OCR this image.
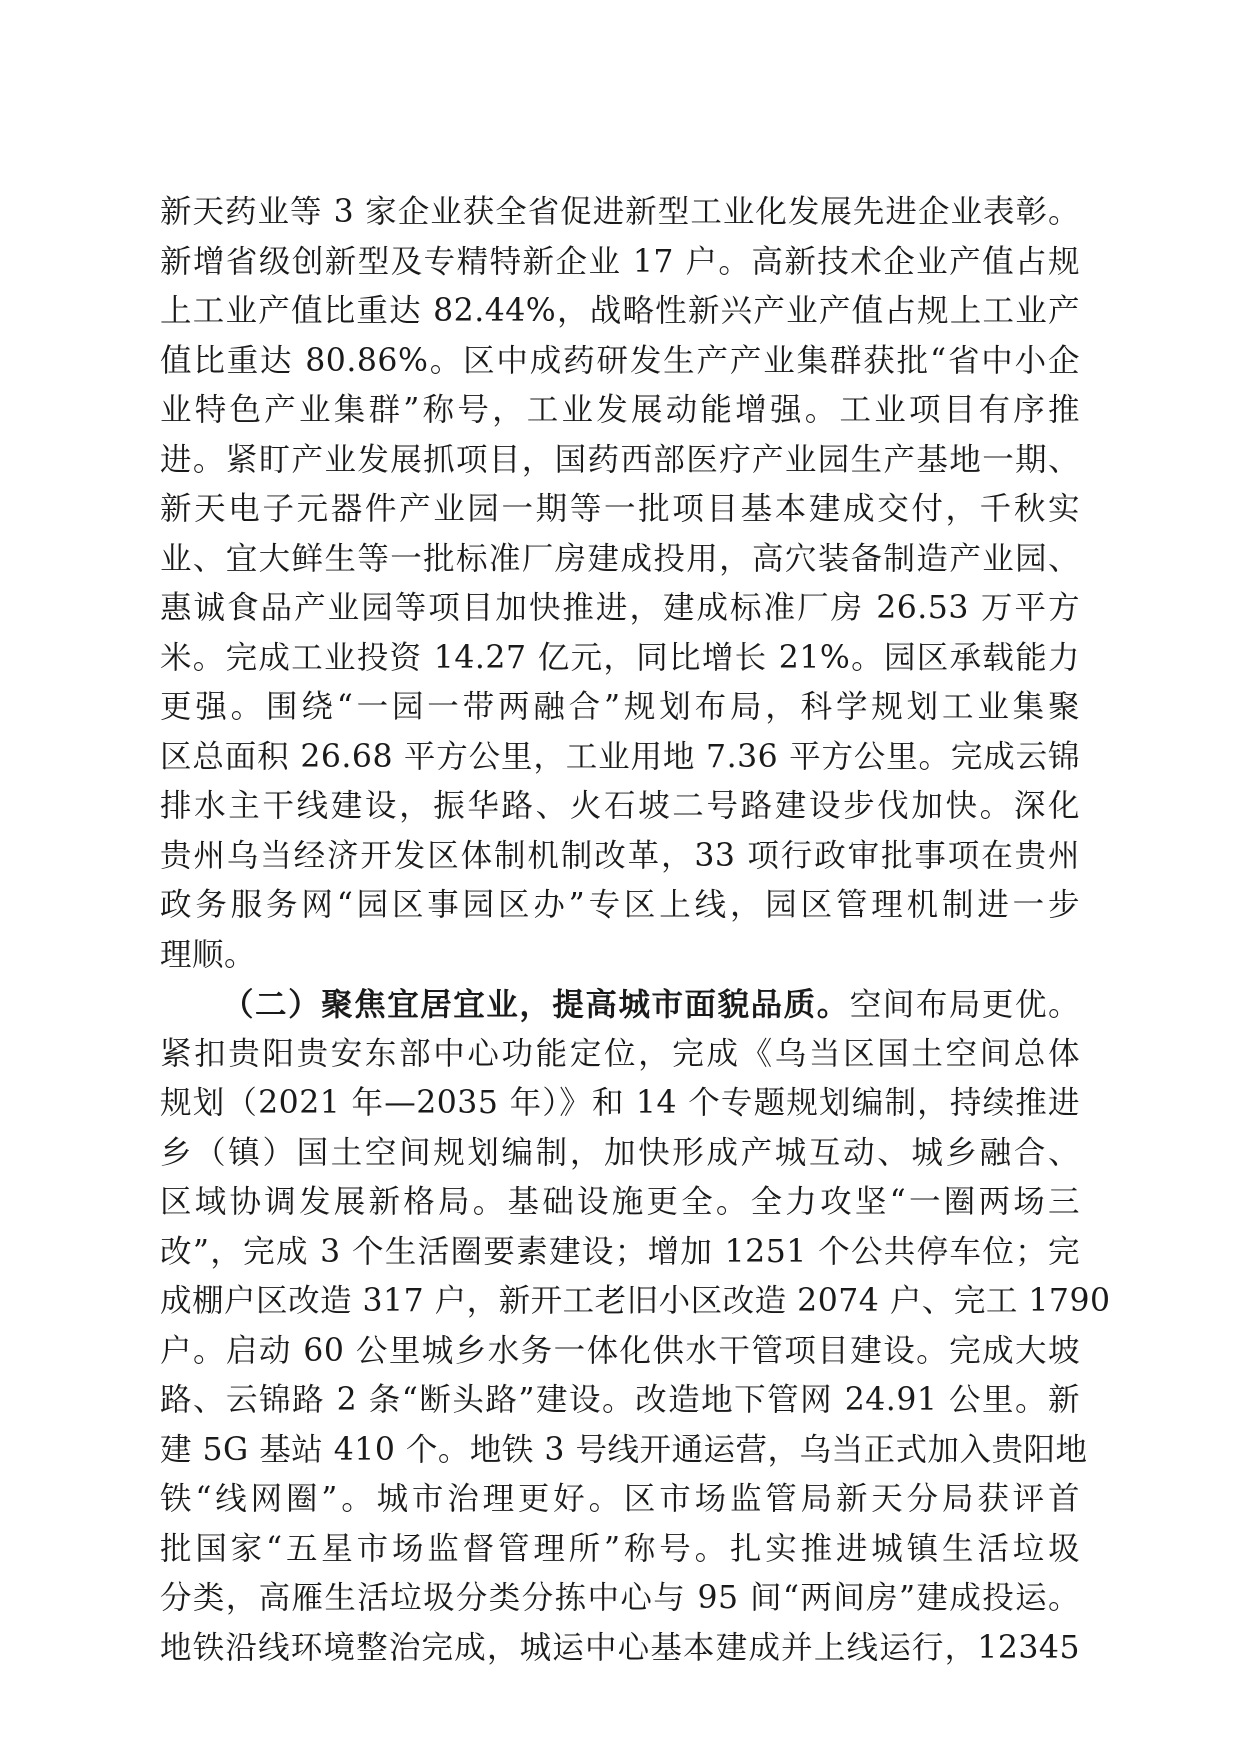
新天药业等 3 家企业获全省促进新型工业化发展先进企业表彰。
新增省级创新型及专精特新企业 17 户。高新技术企业产值占规
上工业产值比重达 82.44%，战略性新兴产业产值占规上工业产
值比重达 80.86%。区中成药研发生产产业集群获批“省中小企
业特色产业集群”称号，工业发展动能增强。工业项目有序推
进。紧盯产业发展抓项目，国药西部医疗产业园生产基地一期、
新天电子元器件产业园一期等一批项目基本建成交付，千秋实
业、宜大鲜生等一批标准厂房建成投用，高穴装备制造产业园、
惠诚食品产业园等项目加快推进，建成标准厂房 26.53 万平方
米。完成工业投资 14.27 亿元，同比增长 21%。园区承载能力
更强。围绕“一园一带两融合”规划布局，科学规划工业集聚
区总面积 26.68 平方公里，工业用地 7.36 平方公里。完成云锦
排水主干线建设，振华路、火石坡二号路建设步伐加快。深化
贵州乌当经济开发区体制机制改革，33 项行政审批事项在贵州
政务服务网“园区事园区办”专区上线，园区管理机制进一步
理顺。
（二）聚焦宜居宜业，提高城市面貌品质。空间布局更优。
紧扣贵阳贵安东部中心功能定位，完成《乌当区国土空间总体
规划（2021 年—2035 年）》和 14 个专题规划编制，持续推进
乡（镇）国土空间规划编制，加快形成产城互动、城乡融合、
区域协调发展新格局。基础设施更全。全力攻坚“一圈两场三
改”，完成 3 个生活圈要素建设；增加 1251 个公共停车位；完
成棚户区改造 317 户，新开工老旧小区改造 2074 户、完工 1790
户。启动 60 公里城乡水务一体化供水干管项目建设。完成大坡
路、云锦路 2 条“断头路”建设。改造地下管网 24.91 公里。新
建 5G 基站 410 个。地铁 3 号线开通运营，乌当正式加入贵阳地
铁“线网圈”。城市治理更好。区市场监管局新天分局获评首
批国家“五星市场监督管理所”称号。扎实推进城镇生活垃圾
分类，高雁生活垃圾分类分拣中心与 95 间“两间房”建成投运。
地铁沿线环境整治完成，城运中心基本建成并上线运行，12345
